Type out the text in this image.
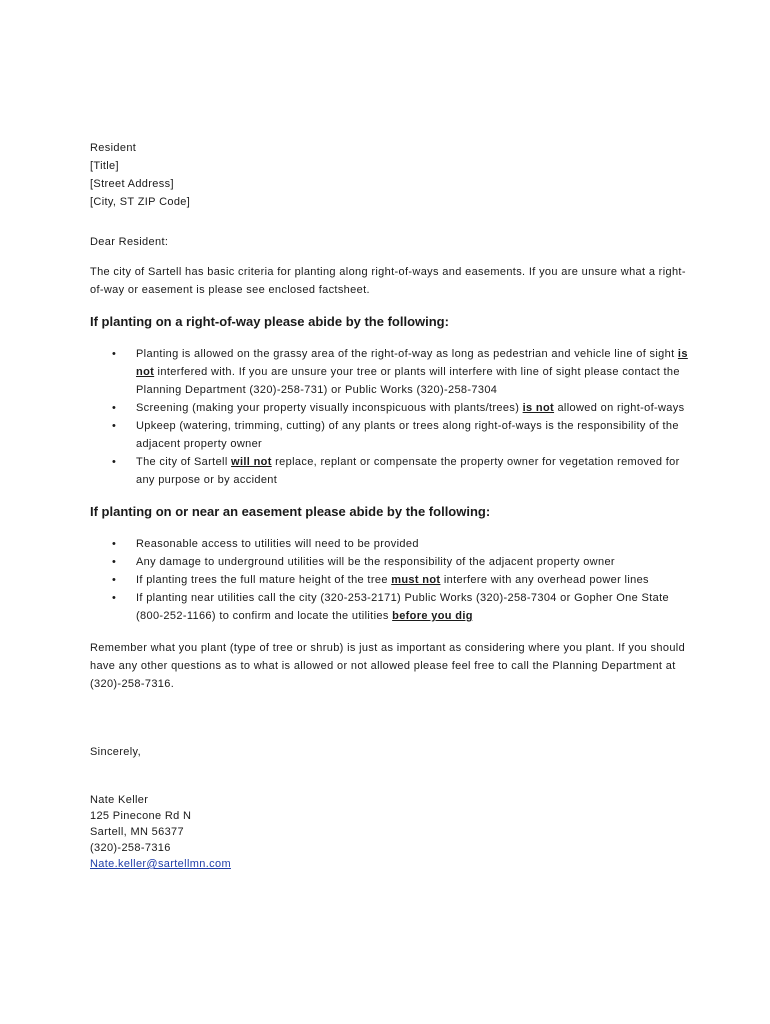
Resident
[Title]
[Street Address]
[City, ST ZIP Code]
Dear Resident:
The city of Sartell has basic criteria for planting along right-of-ways and easements. If you are unsure what a right-of-way or easement is please see enclosed factsheet.
If planting on a right-of-way please abide by the following:
• Planting is allowed on the grassy area of the right-of-way as long as pedestrian and vehicle line of sight is not interfered with. If you are unsure your tree or plants will interfere with line of sight please contact the Planning Department (320)-258-731) or Public Works (320)-258-7304
• Screening (making your property visually inconspicuous with plants/trees) is not allowed on right-of-ways
• Upkeep (watering, trimming, cutting) of any plants or trees along right-of-ways is the responsibility of the adjacent property owner
• The city of Sartell will not replace, replant or compensate the property owner for vegetation removed for any purpose or by accident
If planting on or near an easement please abide by the following:
• Reasonable access to utilities will need to be provided
• Any damage to underground utilities will be the responsibility of the adjacent property owner
• If planting trees the full mature height of the tree must not interfere with any overhead power lines
• If planting near utilities call the city (320-253-2171) Public Works (320)-258-7304 or Gopher One State (800-252-1166) to confirm and locate the utilities before you dig
Remember what you plant (type of tree or shrub) is just as important as considering where you plant. If you should have any other questions as to what is allowed or not allowed please feel free to call the Planning Department at (320)-258-7316.
Sincerely,
Nate Keller
125 Pinecone Rd N
Sartell, MN 56377
(320)-258-7316
Nate.keller@sartellmn.com
